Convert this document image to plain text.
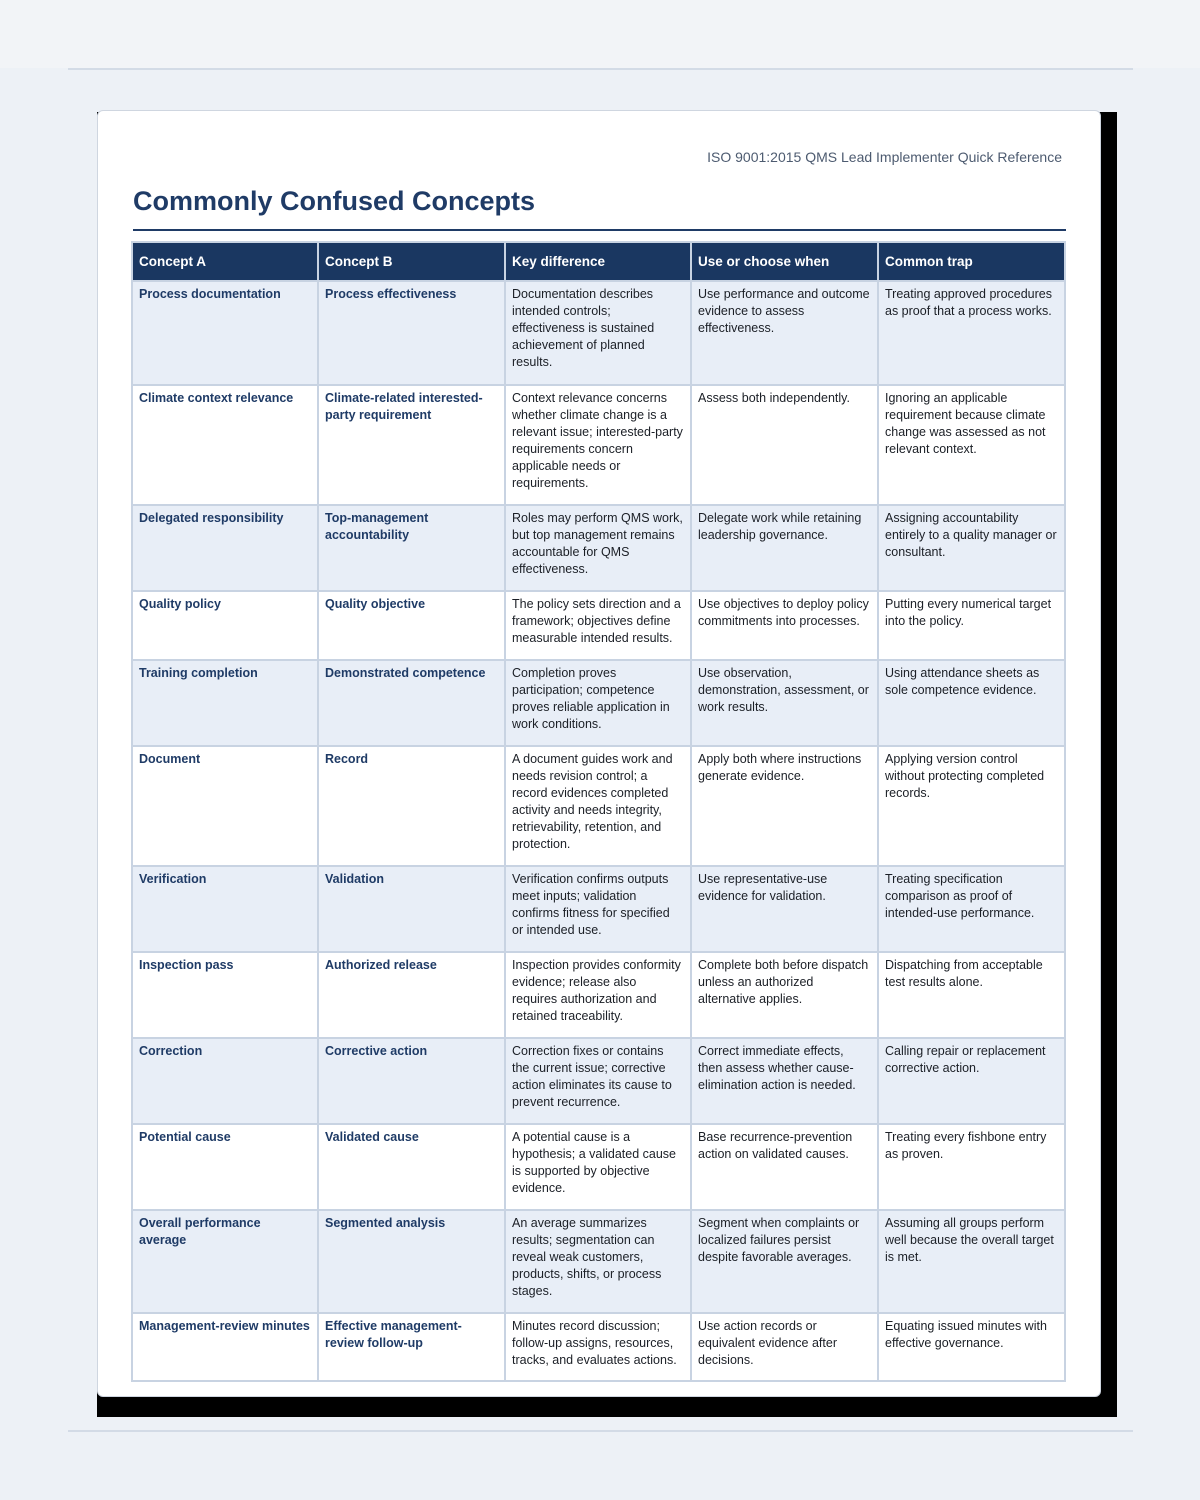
ISO 9001:2015 QMS Lead Implementer Quick Reference
Commonly Confused Concepts
Concept A	Concept B	Key difference	Use or choose when	Common trap
Process documentation	Process effectiveness	Documentation describes intended controls; effectiveness is sustained achievement of planned results.	Use performance and outcome evidence to assess effectiveness.	Treating approved procedures as proof that a process works.
Climate context relevance	Climate-related interested-party requirement	Context relevance concerns whether climate change is a relevant issue; interested-party requirements concern applicable needs or requirements.	Assess both independently.	Ignoring an applicable requirement because climate change was assessed as not relevant context.
Delegated responsibility	Top-management accountability	Roles may perform QMS work, but top management remains accountable for QMS effectiveness.	Delegate work while retaining leadership governance.	Assigning accountability entirely to a quality manager or consultant.
Quality policy	Quality objective	The policy sets direction and a framework; objectives define measurable intended results.	Use objectives to deploy policy commitments into processes.	Putting every numerical target into the policy.
Training completion	Demonstrated competence	Completion proves participation; competence proves reliable application in work conditions.	Use observation, demonstration, assessment, or work results.	Using attendance sheets as sole competence evidence.
Document	Record	A document guides work and needs revision control; a record evidences completed activity and needs integrity, retrievability, retention, and protection.	Apply both where instructions generate evidence.	Applying version control without protecting completed records.
Verification	Validation	Verification confirms outputs meet inputs; validation confirms fitness for specified or intended use.	Use representative-use evidence for validation.	Treating specification comparison as proof of intended-use performance.
Inspection pass	Authorized release	Inspection provides conformity evidence; release also requires authorization and retained traceability.	Complete both before dispatch unless an authorized alternative applies.	Dispatching from acceptable test results alone.
Correction	Corrective action	Correction fixes or contains the current issue; corrective action eliminates its cause to prevent recurrence.	Correct immediate effects, then assess whether cause-elimination action is needed.	Calling repair or replacement corrective action.
Potential cause	Validated cause	A potential cause is a hypothesis; a validated cause is supported by objective evidence.	Base recurrence-prevention action on validated causes.	Treating every fishbone entry as proven.
Overall performance average	Segmented analysis	An average summarizes results; segmentation can reveal weak customers, products, shifts, or process stages.	Segment when complaints or localized failures persist despite favorable averages.	Assuming all groups perform well because the overall target is met.
Management-review minutes	Effective management-review follow-up	Minutes record discussion; follow-up assigns, resources, tracks, and evaluates actions.	Use action records or equivalent evidence after decisions.	Equating issued minutes with effective governance.
